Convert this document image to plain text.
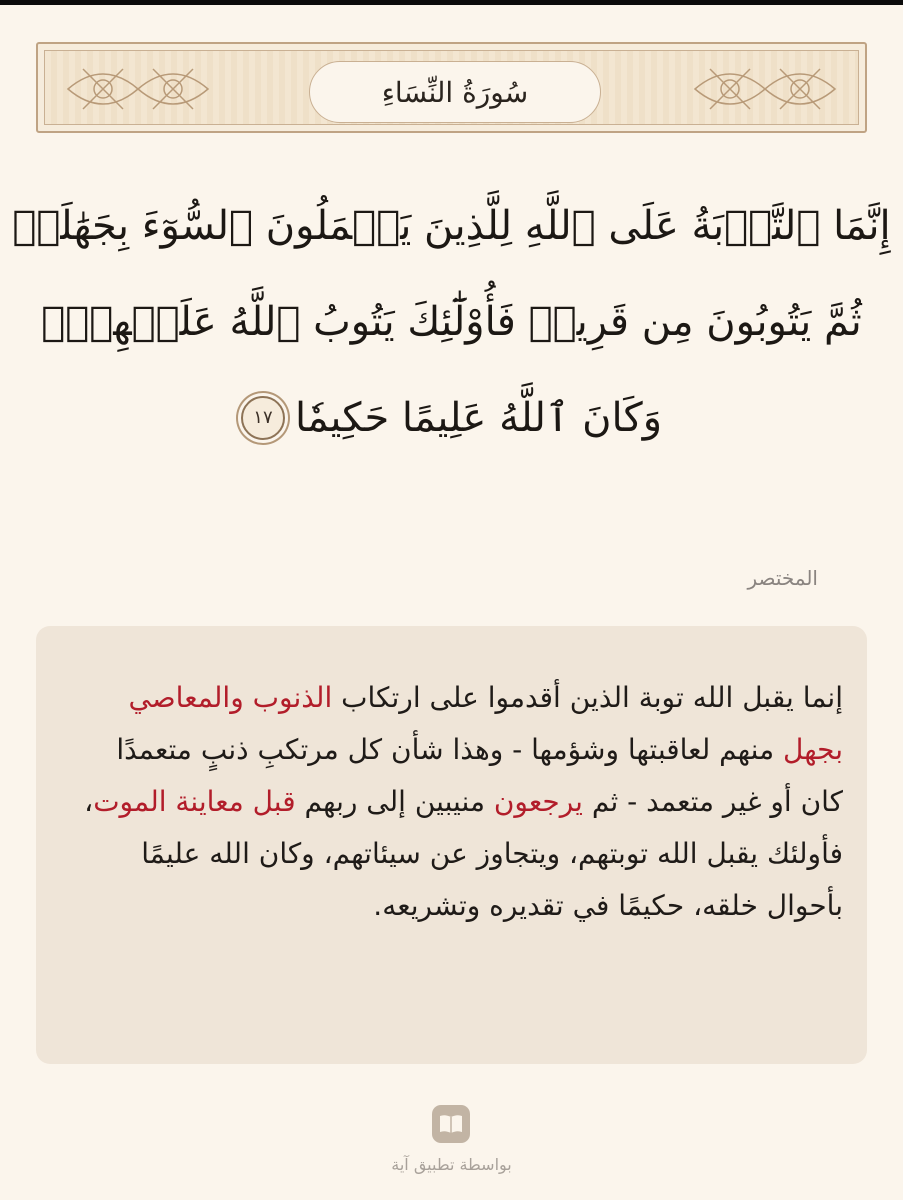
سُورَةُ النِّسَاءِ
إِنَّمَا ٱلتَّوۡبَةُ عَلَى ٱللَّهِ لِلَّذِينَ يَعۡمَلُونَ ٱلسُّوٓءَ بِجَهَٰلَةٖ
ثُمَّ يَتُوبُونَ مِن قَرِيبٖ فَأُوْلَٰٓئِكَ يَتُوبُ ٱللَّهُ عَلَيۡهِمۡۗ
وَكَانَ ٱللَّهُ عَلِيمًا حَكِيمٗا
١٧
المختصر

إنما يقبل الله توبة الذين أقدموا على ارتكاب الذنوب والمعاصي بجهل منهم لعاقبتها وشؤمها - وهذا شأن كل مرتكبِ ذنبٍ متعمدًا كان أو غير متعمد - ثم يرجعون منيبين إلى ربهم قبل معاينة الموت، فأولئك يقبل الله توبتهم، ويتجاوز عن سيئاتهم، وكان الله عليمًا بأحوال خلقه، حكيمًا في تقديره وتشريعه.

بواسطة تطبيق آية
